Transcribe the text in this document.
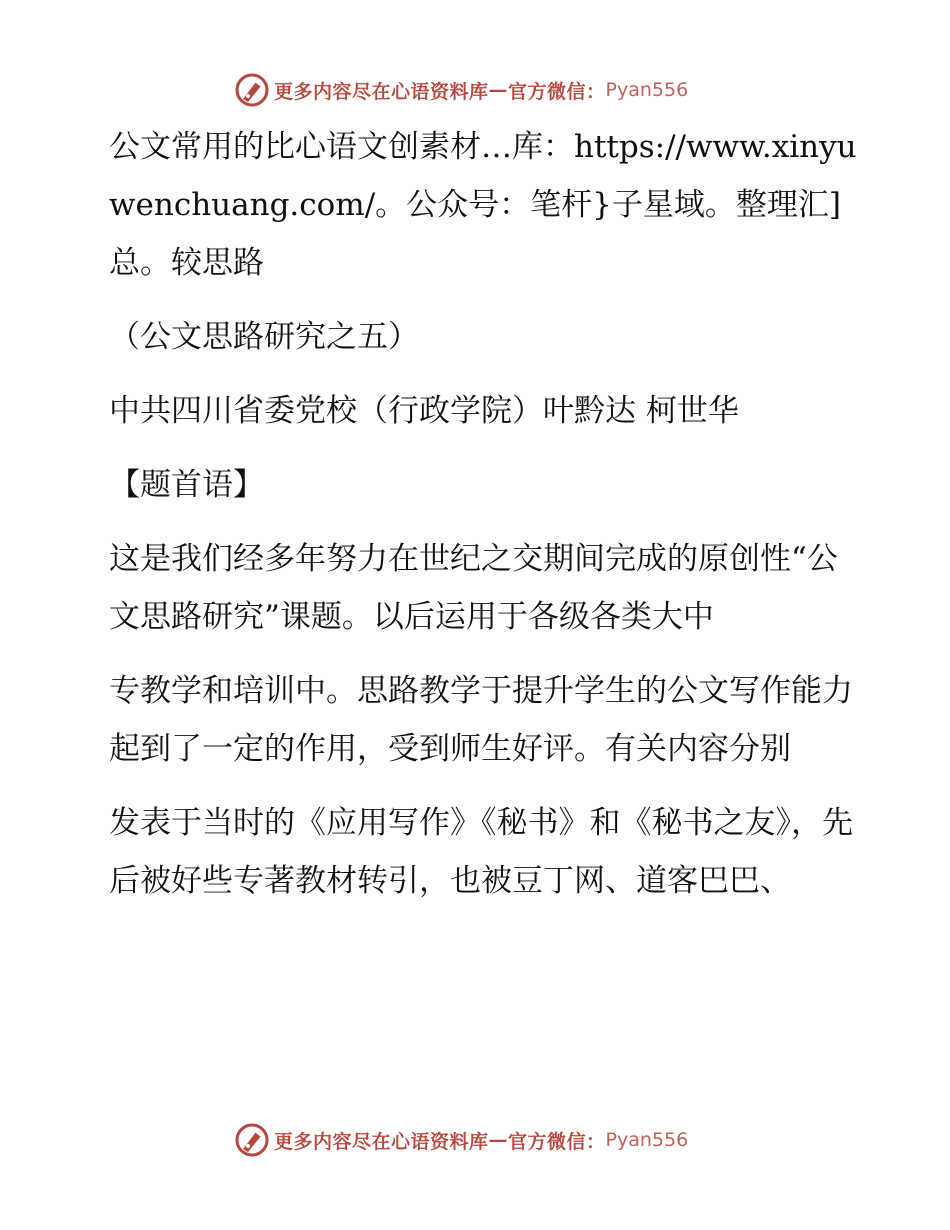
更多内容尽在心语资料库 — 官方微信： Pyan556

公文常用的比心语文创素材…库：https://www.xinyuwenchuang.com/。公众号：笔杆}子星域。整理汇]总。较思路

（公文思路研究之五）

中共四川省委党校（行政学院）叶黔达 柯世华

【题首语】

这是我们经多年努力在世纪之交期间完成的原创性“公文思路研究”课题。以后运用于各级各类大中

专教学和培训中。思路教学于提升学生的公文写作能力起到了一定的作用，受到师生好评。有关内容分别

发表于当时的《应用写作》《秘书》和《秘书之友》，先后被好些专著教材转引，也被豆丁网、道客巴巴、

更多内容尽在心语资料库 — 官方微信： Pyan556
